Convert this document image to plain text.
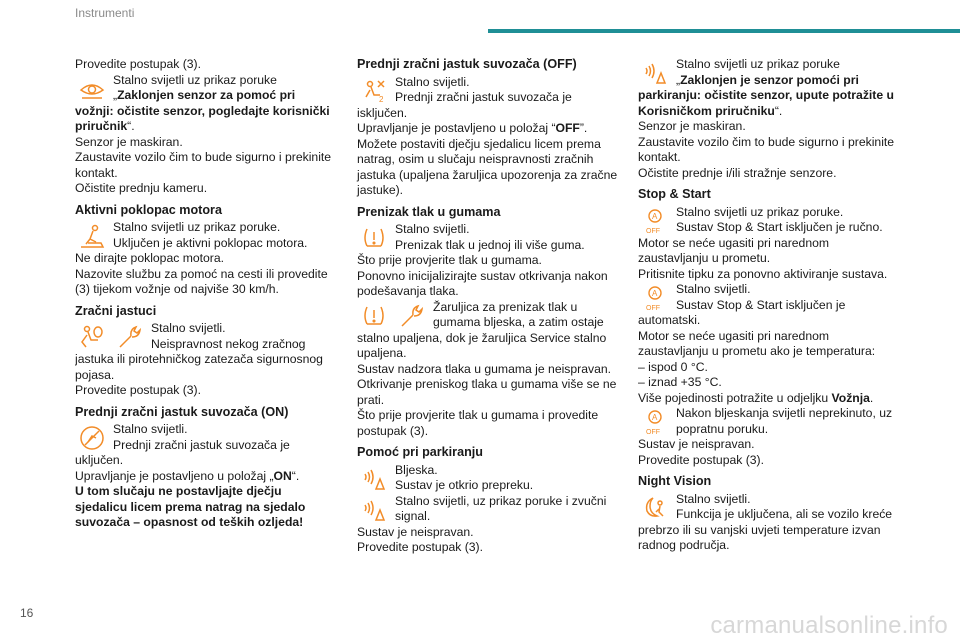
Instrumenti

Provedite postupak (3).

Stalno svijetli uz prikaz poruke „Zaklonjen senzor za pomoć pri vožnji: očistite senzor, pogledajte korisnički priručnik“.

Senzor je maskiran.

Zaustavite vozilo čim to bude sigurno i prekinite kontakt.

Očistite prednju kameru.

Aktivni poklopac motora

Stalno svijetli uz prikaz poruke.

Uključen je aktivni poklopac motora.

Ne dirajte poklopac motora.

Nazovite službu za pomoć na cesti ili provedite (3) tijekom vožnje od najviše 30 km/h.

Zračni jastuci

Stalno svijetli.

Neispravnost nekog zračnog jastuka ili pirotehničkog zatezača sigurnosnog pojasa.

Provedite postupak (3).

Prednji zračni jastuk suvozača (ON)

Stalno svijetli.

Prednji zračni jastuk suvozača je uključen.

Upravljanje je postavljeno u položaj „ON“.

U tom slučaju ne postavljajte dječju sjedalicu licem prema natrag na sjedalo suvozača – opasnost od teških ozljeda!

Prednji zračni jastuk suvozača (OFF)
2

Stalno svijetli.

Prednji zračni jastuk suvozača je isključen.

Upravljanje je postavljeno u položaj “OFF”.

Možete postaviti dječju sjedalicu licem prema natrag, osim u slučaju neispravnosti zračnih jastuka (upaljena žaruljica upozorenja za zračne jastuke).

Prenizak tlak u gumama

Stalno svijetli.

Prenizak tlak u jednoj ili više guma.

Što prije provjerite tlak u gumama.

Ponovno inicijalizirajte sustav otkrivanja nakon podešavanja tlaka.

Žaruljica za prenizak tlak u gumama bljeska, a zatim ostaje stalno upaljena, dok je žaruljica Service stalno upaljena.

Sustav nadzora tlaka u gumama je neispravan.

Otkrivanje preniskog tlaka u gumama više se ne prati.

Što prije provjerite tlak u gumama i provedite postupak (3).

Pomoć pri parkiranju

Bljeska.

Sustav je otkrio prepreku.

Stalno svijetli, uz prikaz poruke i zvučni signal.

Sustav je neispravan.

Provedite postupak (3).

Stalno svijetli uz prikaz poruke „Zaklonjen je senzor pomoći pri parkiranju: očistite senzor, upute potražite u Korisničkom priručniku“.

Senzor je maskiran.

Zaustavite vozilo čim to bude sigurno i prekinite kontakt.

Očistite prednje i/ili stražnje senzore.

Stop & Start
A
OFF

Stalno svijetli uz prikaz poruke.

Sustav Stop & Start isključen je ručno.

Motor se neće ugasiti pri narednom zaustavljanju u prometu.

Pritisnite tipku za ponovno aktiviranje sustava.

A
OFF

Stalno svijetli.

Sustav Stop & Start isključen je automatski.

Motor se neće ugasiti pri narednom zaustavljanju u prometu ako je temperatura:

– ispod 0 °C.

– iznad +35 °C.

Više pojedinosti potražite u odjeljku Vožnja.

A
OFF
Nakon bljeskanja svijetli neprekinuto, uz popratnu poruku.

Sustav je neispravan.

Provedite postupak (3).

Night Vision

Stalno svijetli.

Funkcija je uključena, ali se vozilo kreće prebrzo ili su vanjski uvjeti temperature izvan radnog područja.
16	carmanualsonline.info
